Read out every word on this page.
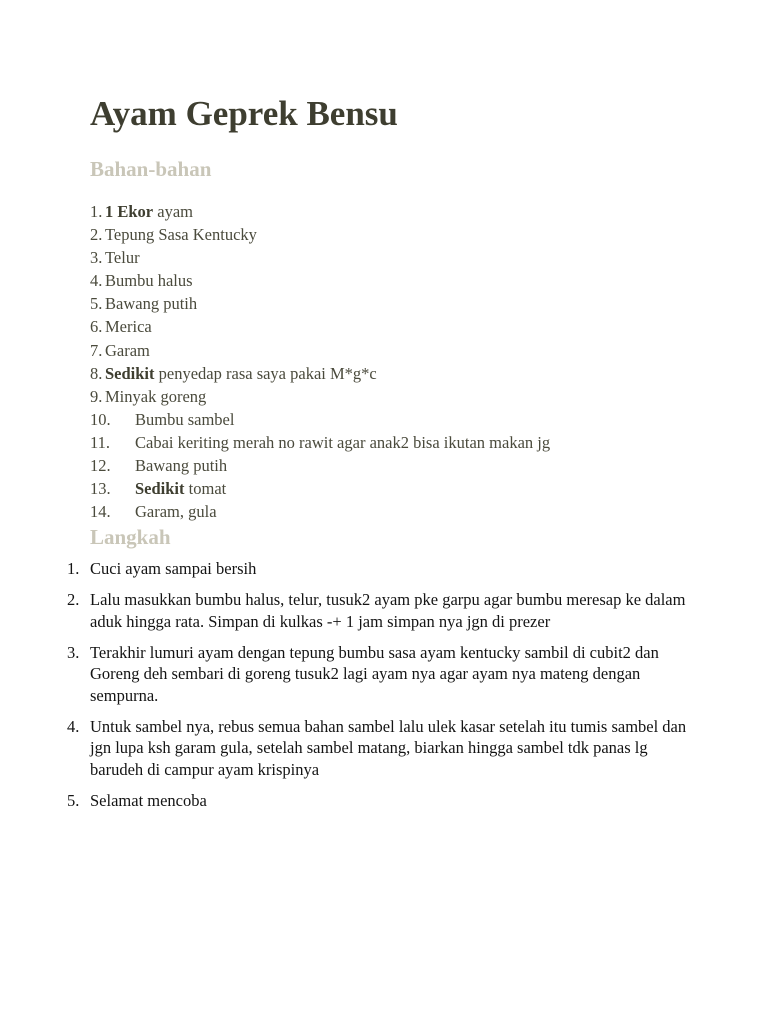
Ayam Geprek Bensu
Bahan-bahan
1. 1 Ekor ayam
2. Tepung Sasa Kentucky
3. Telur
4. Bumbu halus
5. Bawang putih
6. Merica
7. Garam
8. Sedikit penyedap rasa saya pakai M*g*c
9. Minyak goreng
10. Bumbu sambel
11. Cabai keriting merah no rawit agar anak2 bisa ikutan makan jg
12. Bawang putih
13. Sedikit tomat
14. Garam, gula
Langkah
1. Cuci ayam sampai bersih
2. Lalu masukkan bumbu halus, telur, tusuk2 ayam pke garpu agar bumbu meresap ke dalam aduk hingga rata. Simpan di kulkas -+ 1 jam simpan nya jgn di prezer
3. Terakhir lumuri ayam dengan tepung bumbu sasa ayam kentucky sambil di cubit2 dan Goreng deh sembari di goreng tusuk2 lagi ayam nya agar ayam nya mateng dengan sempurna.
4. Untuk sambel nya, rebus semua bahan sambel lalu ulek kasar setelah itu tumis sambel dan jgn lupa ksh garam gula, setelah sambel matang, biarkan hingga sambel tdk panas lg barudeh di campur ayam krispinya
5. Selamat mencoba
